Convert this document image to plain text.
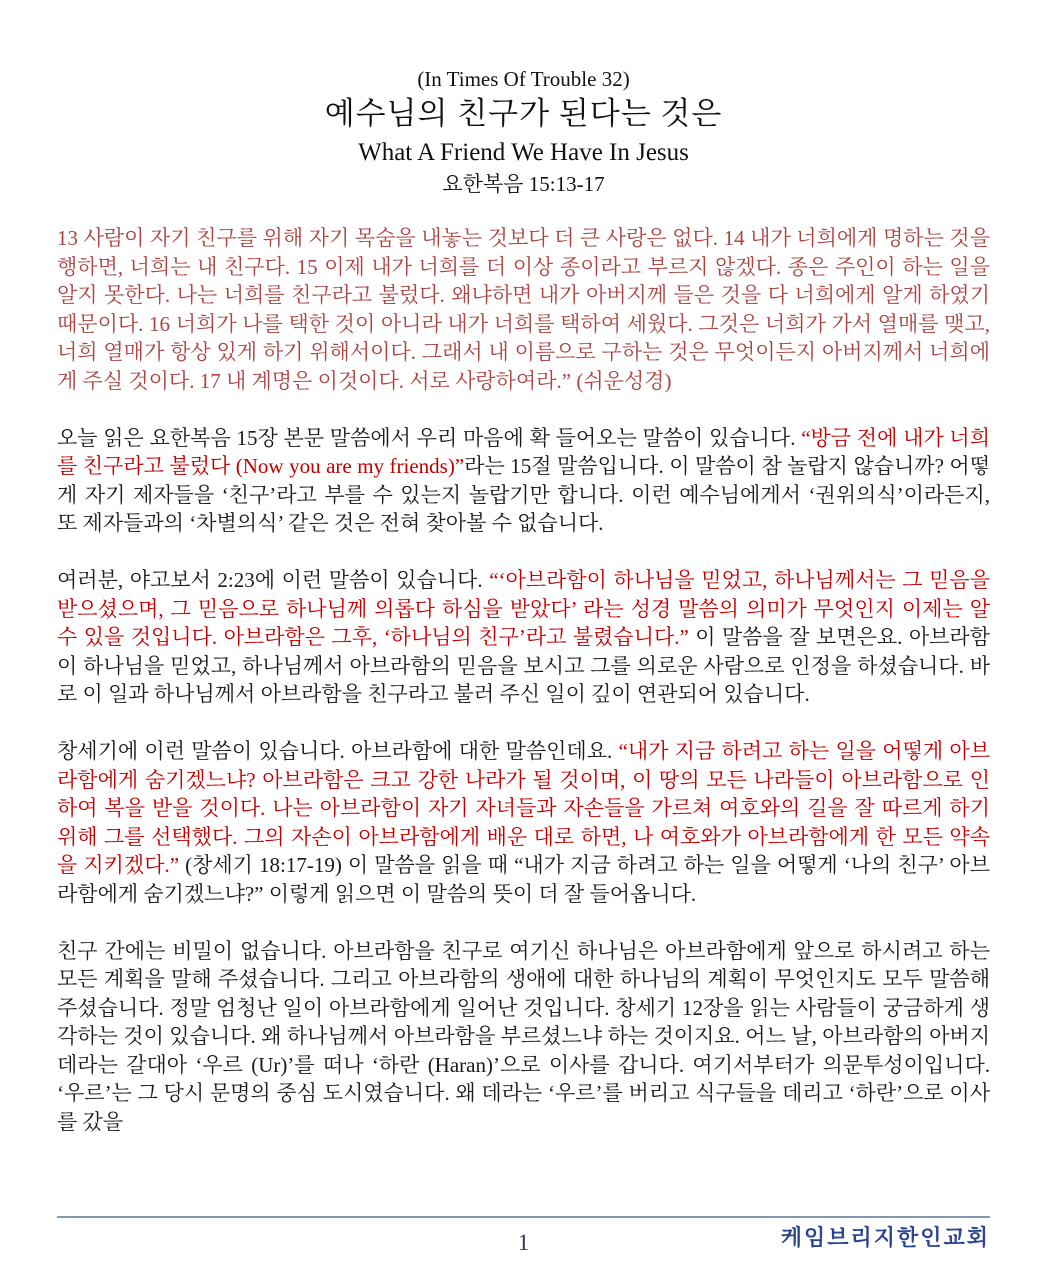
(In Times Of Trouble 32)
예수님의 친구가 된다는 것은
What A Friend We Have In Jesus
요한복음 15:13-17

13 사람이 자기 친구를 위해 자기 목숨을 내놓는 것보다 더 큰 사랑은 없다. 14 내가 너희에게 명하는 것을 행하면, 너희는 내 친구다. 15 이제 내가 너희를 더 이상 종이라고 부르지 않겠다. 종은 주인이 하는 일을 알지 못한다. 나는 너희를 친구라고 불렀다. 왜냐하면 내가 아버지께 들은 것을 다 너희에게 알게 하였기 때문이다. 16 너희가 나를 택한 것이 아니라 내가 너희를 택하여 세웠다. 그것은 너희가 가서 열매를 맺고, 너희 열매가 항상 있게 하기 위해서이다. 그래서 내 이름으로 구하는 것은 무엇이든지 아버지께서 너희에게 주실 것이다. 17 내 계명은 이것이다. 서로 사랑하여라.” (쉬운성경)

오늘 읽은 요한복음 15장 본문 말씀에서 우리 마음에 확 들어오는 말씀이 있습니다. “방금 전에 내가 너희를 친구라고 불렀다 (Now you are my friends)”라는 15절 말씀입니다. 이 말씀이 참 놀랍지 않습니까? 어떻게 자기 제자들을 ‘친구’라고 부를 수 있는지 놀랍기만 합니다. 이런 예수님에게서 ‘권위의식’이라든지, 또 제자들과의 ‘차별의식’ 같은 것은 전혀 찾아볼 수 없습니다.

여러분, 야고보서 2:23에 이런 말씀이 있습니다. “‘아브라함이 하나님을 믿었고, 하나님께서는 그 믿음을 받으셨으며, 그 믿음으로 하나님께 의롭다 하심을 받았다’ 라는 성경 말씀의 의미가 무엇인지 이제는 알 수 있을 것입니다. 아브라함은 그후, ‘하나님의 친구’라고 불렸습니다.” 이 말씀을 잘 보면은요. 아브라함이 하나님을 믿었고, 하나님께서 아브라함의 믿음을 보시고 그를 의로운 사람으로 인정을 하셨습니다. 바로 이 일과 하나님께서 아브라함을 친구라고 불러 주신 일이 깊이 연관되어 있습니다.

창세기에 이런 말씀이 있습니다. 아브라함에 대한 말씀인데요. “내가 지금 하려고 하는 일을 어떻게 아브라함에게 숨기겠느냐? 아브라함은 크고 강한 나라가 될 것이며, 이 땅의 모든 나라들이 아브라함으로 인하여 복을 받을 것이다. 나는 아브라함이 자기 자녀들과 자손들을 가르쳐 여호와의 길을 잘 따르게 하기 위해 그를 선택했다. 그의 자손이 아브라함에게 배운 대로 하면, 나 여호와가 아브라함에게 한 모든 약속을 지키겠다.” (창세기 18:17-19) 이 말씀을 읽을 때 “내가 지금 하려고 하는 일을 어떻게 ‘나의 친구’ 아브라함에게 숨기겠느냐?” 이렇게 읽으면 이 말씀의 뜻이 더 잘 들어옵니다.

친구 간에는 비밀이 없습니다. 아브라함을 친구로 여기신 하나님은 아브라함에게 앞으로 하시려고 하는 모든 계획을 말해 주셨습니다. 그리고 아브라함의 생애에 대한 하나님의 계획이 무엇인지도 모두 말씀해 주셨습니다. 정말 엄청난 일이 아브라함에게 일어난 것입니다. 창세기 12장을 읽는 사람들이 궁금하게 생각하는 것이 있습니다. 왜 하나님께서 아브라함을 부르셨느냐 하는 것이지요. 어느 날, 아브라함의 아버지 데라는 갈대아 ‘우르 (Ur)’를 떠나 ‘하란 (Haran)’으로 이사를 갑니다. 여기서부터가 의문투성이입니다. ‘우르’는 그 당시 문명의 중심 도시였습니다. 왜 데라는 ‘우르’를 버리고 식구들을 데리고 ‘하란’으로 이사를 갔을

케임브리지한인교회
1
